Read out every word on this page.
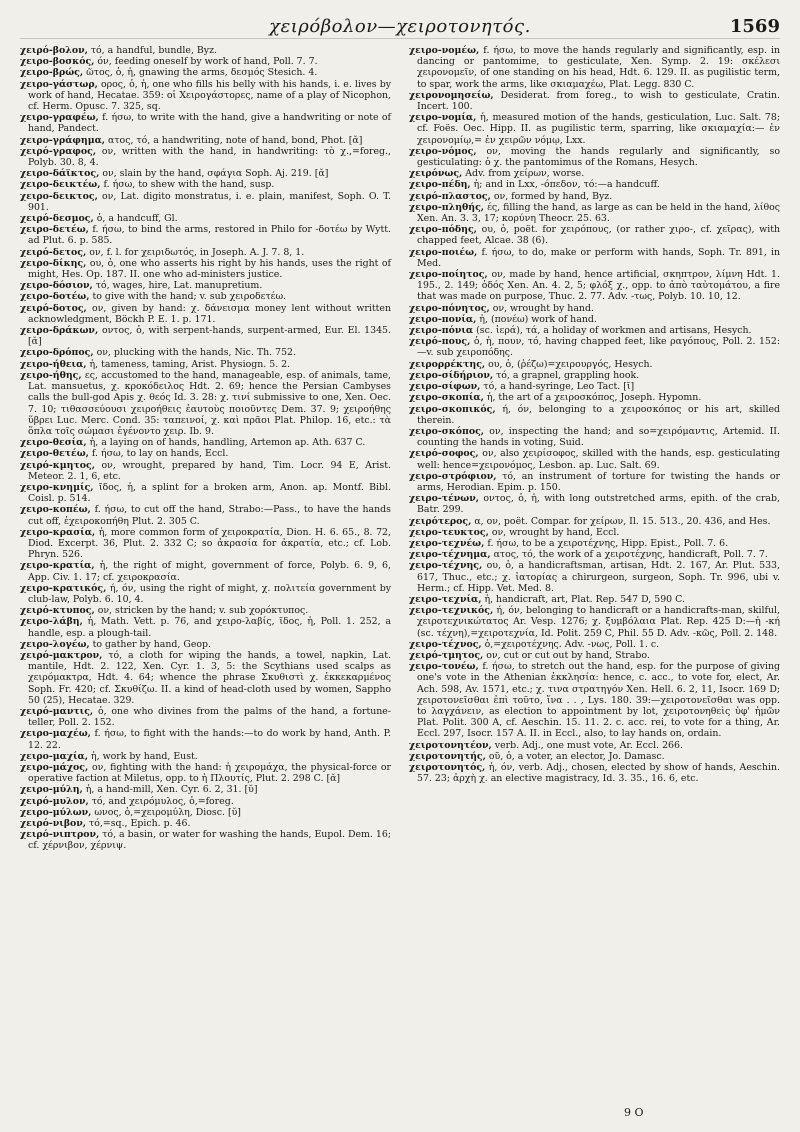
χειρόβολον—χειροτονητός.	1569

χειρό-βολον, τό, a handful, bundle, Byz.

χειρο-βοσκός, όν, feeding oneself by work of hand, Poll. 7. 7.

χειρο-βρώς, ῶτος, ὁ, ἡ, gnawing the arms, δεσμός Stesich. 4.

χειρο-γάστωρ, ορος, ὁ, ἡ, one who fills his belly with his hands, i. e. lives by work of hand, Hecatae. 359: οἱ Χειρογάστορες, name of a play of Nicophon, cf. Herm. Opusc. 7. 325, sq.

χειρο-γραφέω, f. ήσω, to write with the hand, give a handwriting or note of hand, Pandect.

χειρο-γράφημα, ατος, τό, a handwriting, note of hand, bond, Phot. [ᾰ]

χειρό-γραφος, ον, written with the hand, in handwriting: τὸ χ.,=foreg., Polyb. 30. 8, 4.

χειρο-δάϊκτος, ον, slain by the hand, σφάγια Soph. Aj. 219. [ᾰ]

χειρο-δεικτέω, f. ήσω, to shew with the hand, susp.

χειρο-δεικτος, ον, Lat. digito monstratus, i. e. plain, manifest, Soph. O. T. 901.

χειρό-δεσμος, ὁ, a handcuff, Gl.

χειρο-δετέω, f. ήσω, to bind the arms, restored in Philo for -δοτέω by Wytt. ad Plut. 6. p. 585.

χειρό-δετος, ον, f. l. for χειριδωτός, in Joseph. A. J. 7. 8, 1.

χειρο-δίκης, ου, ὁ, one who asserts his right by his hands, uses the right of might, Hes. Op. 187. II. one who ad-ministers justice.

χειρο-δόσιον, τό, wages, hire, Lat. manupretium.

χειρο-δοτέω, to give with the hand; v. sub χειροδετέω.

χειρό-δοτος, ον, given by hand: χ. δάνεισμα money lent without written acknowledgment, Böckh P. E. 1. p. 171.

χειρο-δράκων, οντος, ὁ, with serpent-hands, surpent-armed, Eur. El. 1345. [ᾰ]

χειρο-δρόπος, ον, plucking with the hands, Nic. Th. 752.

χειρο-ήθεια, ἡ, tameness, taming, Arist. Physiogn. 5. 2.

χειρο-ήθης, ες, accustomed to the hand, manageable, esp. of animals, tame, Lat. mansuetus, χ. κροκόδειλος Hdt. 2. 69; hence the Persian Cambyses calls the bull-god Apis χ. θεός Id. 3. 28: χ. τινί submissive to one, Xen. Oec. 7. 10; τιθασσεύουσι χειροήθεις ἑαυτοὺς ποιοῦντες Dem. 37. 9; χειροήθης ὕβρει Luc. Merc. Cond. 35: ταπεινοί, χ. καὶ πρᾶοι Plat. Philop. 16, etc.: τὰ ὅπλα τοῖς σώμασι ἐγένοντο χειρ. Ib. 9.

χειρο-θεσία, ἡ, a laying on of hands, handling, Artemon ap. Ath. 637 C.

χειρο-θετέω, f. ήσω, to lay on hands, Eccl.

χειρό-κμητος, ον, wrought, prepared by hand, Tim. Locr. 94 E, Arist. Meteor. 2. 1, 6, etc.

χειρο-κνημίς, ῖδος, ἡ, a splint for a broken arm, Anon. ap. Montf. Bibl. Coisl. p. 514.

χειρο-κοπέω, f. ήσω, to cut off the hand, Strabo:—Pass., to have the hands cut off, ἐχειροκοπήθη Plut. 2. 305 C.

χειρο-κρασία, ἡ, more common form of χειροκρατία, Dion. H. 6. 65., 8. 72, Diod. Excerpt. 36, Plut. 2. 332 C; so ἀκρασία for ἀκρατία, etc.; cf. Lob. Phryn. 526.

χειρο-κρατία, ἡ, the right of might, government of force, Polyb. 6. 9, 6, App. Civ. 1. 17; cf. χειροκρασία.

χειρο-κρατικός, ή, όν, using the right of might, χ. πολιτεία government by club-law, Polyb. 6. 10, 4.

χειρό-κτυπος, ον, stricken by the hand; v. sub χορόκτυπος.

χειρο-λάβη, ἡ, Math. Vett. p. 76, and χειρο-λαβίς, ῖδος, ἡ, Poll. 1. 252, a handle, esp. a plough-tail.

χειρο-λογέω, to gather by hand, Geop.

χειρό-μακτρον, τό, a cloth for wiping the hands, a towel, napkin, Lat. mantile, Hdt. 2. 122, Xen. Cyr. 1. 3, 5: the Scythians used scalps as χειρόμακτρα, Hdt. 4. 64; whence the phrase Σκυθιστὶ χ. ἐκκεκαρμένος Soph. Fr. 420; cf. Σκυθίζω. II. a kind of head-cloth used by women, Sappho 50 (25), Hecatae. 329.

χειρό-μαντις, ὁ, one who divines from the palms of the hand, a fortune-teller, Poll. 2. 152.

χειρο-μαχέω, f. ήσω, to fight with the hands:—to do work by hand, Anth. P. 12. 22.

χειρο-μαχία, ἡ, work by hand, Eust.

χειρο-μάχος, ον, fighting with the hand: ἡ χειρομάχα, the physical-force or operative faction at Miletus, opp. to ἡ Πλουτίς, Plut. 2. 298 C. [ᾰ]

χειρο-μύλη, ἡ, a hand-mill, Xen. Cyr. 6. 2, 31. [ῠ]

χειρό-μυλον, τό, and χειρόμυλος, ὁ,=foreg.

χειρο-μύλων, ωνος, ὁ,=χειρομύλη, Diosc. [ῠ]

χειρό-νιβον, τό,=sq., Epich. p. 46.

χειρό-νιπτρον, τό, a basin, or water for washing the hands, Eupol. Dem. 16; cf. χέρνιβον, χέρνιψ.

χειρο-νομέω, f. ήσω, to move the hands regularly and significantly, esp. in dancing or pantomime, to gesticulate, Xen. Symp. 2. 19: σκέλεσι χειρονομεῖν, of one standing on his head, Hdt. 6. 129. II. as pugilistic term, to spar, work the arms, like σκιαμαχέω, Plat. Legg. 830 C.

χειρονομησείω, Desiderat. from foreg., to wish to gesticulate, Cratin. Incert. 100.

χειρο-νομία, ἡ, measured motion of the hands, gesticulation, Luc. Salt. 78; cf. Foës. Oec. Hipp. II. as pugilistic term, sparring, like σκιαμαχία:— ἐν χειρονομίῳ,= ἐν χειρῶν νόμῳ, Lxx.

χειρο-νόμος, ον, moving the hands regularly and significantly, so gesticulating: ὁ χ. the pantomimus of the Romans, Hesych.

χειρόνως, Adv. from χείρων, worse.

χειρο-πέδη, ἡ; and in Lxx, -όπεδον, τό:—a handcuff.

χειρό-πλαστος, ον, formed by hand, Byz.

χειρο-πληθής, ές, filling the hand, as large as can be held in the hand, λίθος Xen. An. 3. 3, 17; κορύνη Theocr. 25. 63.

χειρο-πόδης, ου, ὁ, poët. for χειρόπους, (or rather χιρο-, cf. χεῖρας), with chapped feet, Alcae. 38 (6).

χειρο-ποιέω, f. ήσω, to do, make or perform with hands, Soph. Tr. 891, in Med.

χειρο-ποίητος, ον, made by hand, hence artificial, σκηπτρον, λίμνη Hdt. 1. 195., 2. 149; ὁδός Xen. An. 4. 2, 5; φλόξ χ., opp. to ἀπὸ ταὐτομάτου, a fire that was made on purpose, Thuc. 2. 77. Adv. -τως, Polyb. 10. 10, 12.

χειρο-πόνητος, ον, wrought by hand.

χειρο-πονία, ἡ, (πονέω) work of hand.

χειρο-πόνια (sc. ἱερά), τά, a holiday of workmen and artisans, Hesych.

χειρό-πους, ὁ, ἡ, πουν, τό, having chapped feet, like ραγόπους, Poll. 2. 152:—v. sub χειροπόδης.

χειρορρέκτης, ου, ὁ, (ῥέζω)=χειρουργός, Hesych.

χειρο-σίδήριον, τό, a grapnel, grappling hook.

χειρο-σίφων, τό, a hand-syringe, Leo Tact. [ῑ]

χειρο-σκοπία, ἡ, the art of a χειροσκόπος, Joseph. Hypomn.

χειρο-σκοπικός, ή, όν, belonging to a χειροσκόπος or his art, skilled therein.

χειρο-σκόπος, ον, inspecting the hand; and so=χειρόμαντις, Artemid. II. counting the hands in voting, Suid.

χειρό-σοφος, ον, also χειρίσοφος, skilled with the hands, esp. gesticulating well: hence=χειρονόμος, Lesbon. ap. Luc. Salt. 69.

χειρο-στρόφιον, τό, an instrument of torture for twisting the hands or arms, Herodian. Epim. p. 150.

χειρο-τένων, οντος, ὁ, ἡ, with long outstretched arms, epith. of the crab, Batr. 299.

χειρότερος, α, ον, poët. Compar. for χείρων, Il. 15. 513., 20. 436, and Hes.

χειρο-τευκτος, ον, wrought by hand, Eccl.

χειρο-τεχνέω, f. ήσω, to be a χειροτέχνης, Hipp. Epist., Poll. 7. 6.

χειρο-τέχνημα, ατος, τό, the work of a χειροτέχνης, handicraft, Poll. 7. 7.

χειρο-τέχνης, ου, ὁ, a handicraftsman, artisan, Hdt. 2. 167, Ar. Plut. 533, 617, Thuc., etc.; χ. ἰατορίας a chirurgeon, surgeon, Soph. Tr. 996, ubi v. Herm.; cf. Hipp. Vet. Med. 8.

χειρο-τεχνία, ἡ, handicraft, art, Plat. Rep. 547 D, 590 C.

χειρο-τεχνικός, ή, όν, belonging to handicraft or a handicrafts-man, skilful, χειροτεχνικώτατος Ar. Vesp. 1276; χ. ξυμβόλαια Plat. Rep. 425 D:—ἡ -κή (sc. τέχνη),=χειροτεχνία, Id. Polit. 259 C, Phil. 55 D. Adv. -κῶς, Poll. 2. 148.

χειρο-τέχνος, ὁ,=χειροτέχνης. Adv. -νως, Poll. 1. c.

χειρό-τμητος, ον, cut or cut out by hand, Strabo.

χειρο-τονέω, f. ήσω, to stretch out the hand, esp. for the purpose of giving one's vote in the Athenian ἐκκλησία: hence, c. acc., to vote for, elect, Ar. Ach. 598, Av. 1571, etc.; χ. τινα στρατηγόν Xen. Hell. 6. 2, 11, Isocr. 169 D; χειροτονεῖσθαι ἐπὶ τοῦτο, ἵνα . . , Lys. 180. 39:—χειροτονεῖσθαι was opp. to λαγχάνειν, as election to appointment by lot, χειροτονηθεὶς ὑφ' ἡμῶν Plat. Polit. 300 A, cf. Aeschin. 15. 11. 2. c. acc. rei, to vote for a thing, Ar. Eccl. 297, Isocr. 157 A. II. in Eccl., also, to lay hands on, ordain.

χειροτονητέον, verb. Adj., one must vote, Ar. Eccl. 266.

χειροτονητής, οῦ, ὁ, a voter, an elector, Jo. Damasc.

χειροτονητός, ἡ, όν, verb. Adj., chosen, elected by show of hands, Aeschin. 57. 23; ἀρχὴ χ. an elective magistracy, Id. 3. 35., 16. 6, etc.

9 O
